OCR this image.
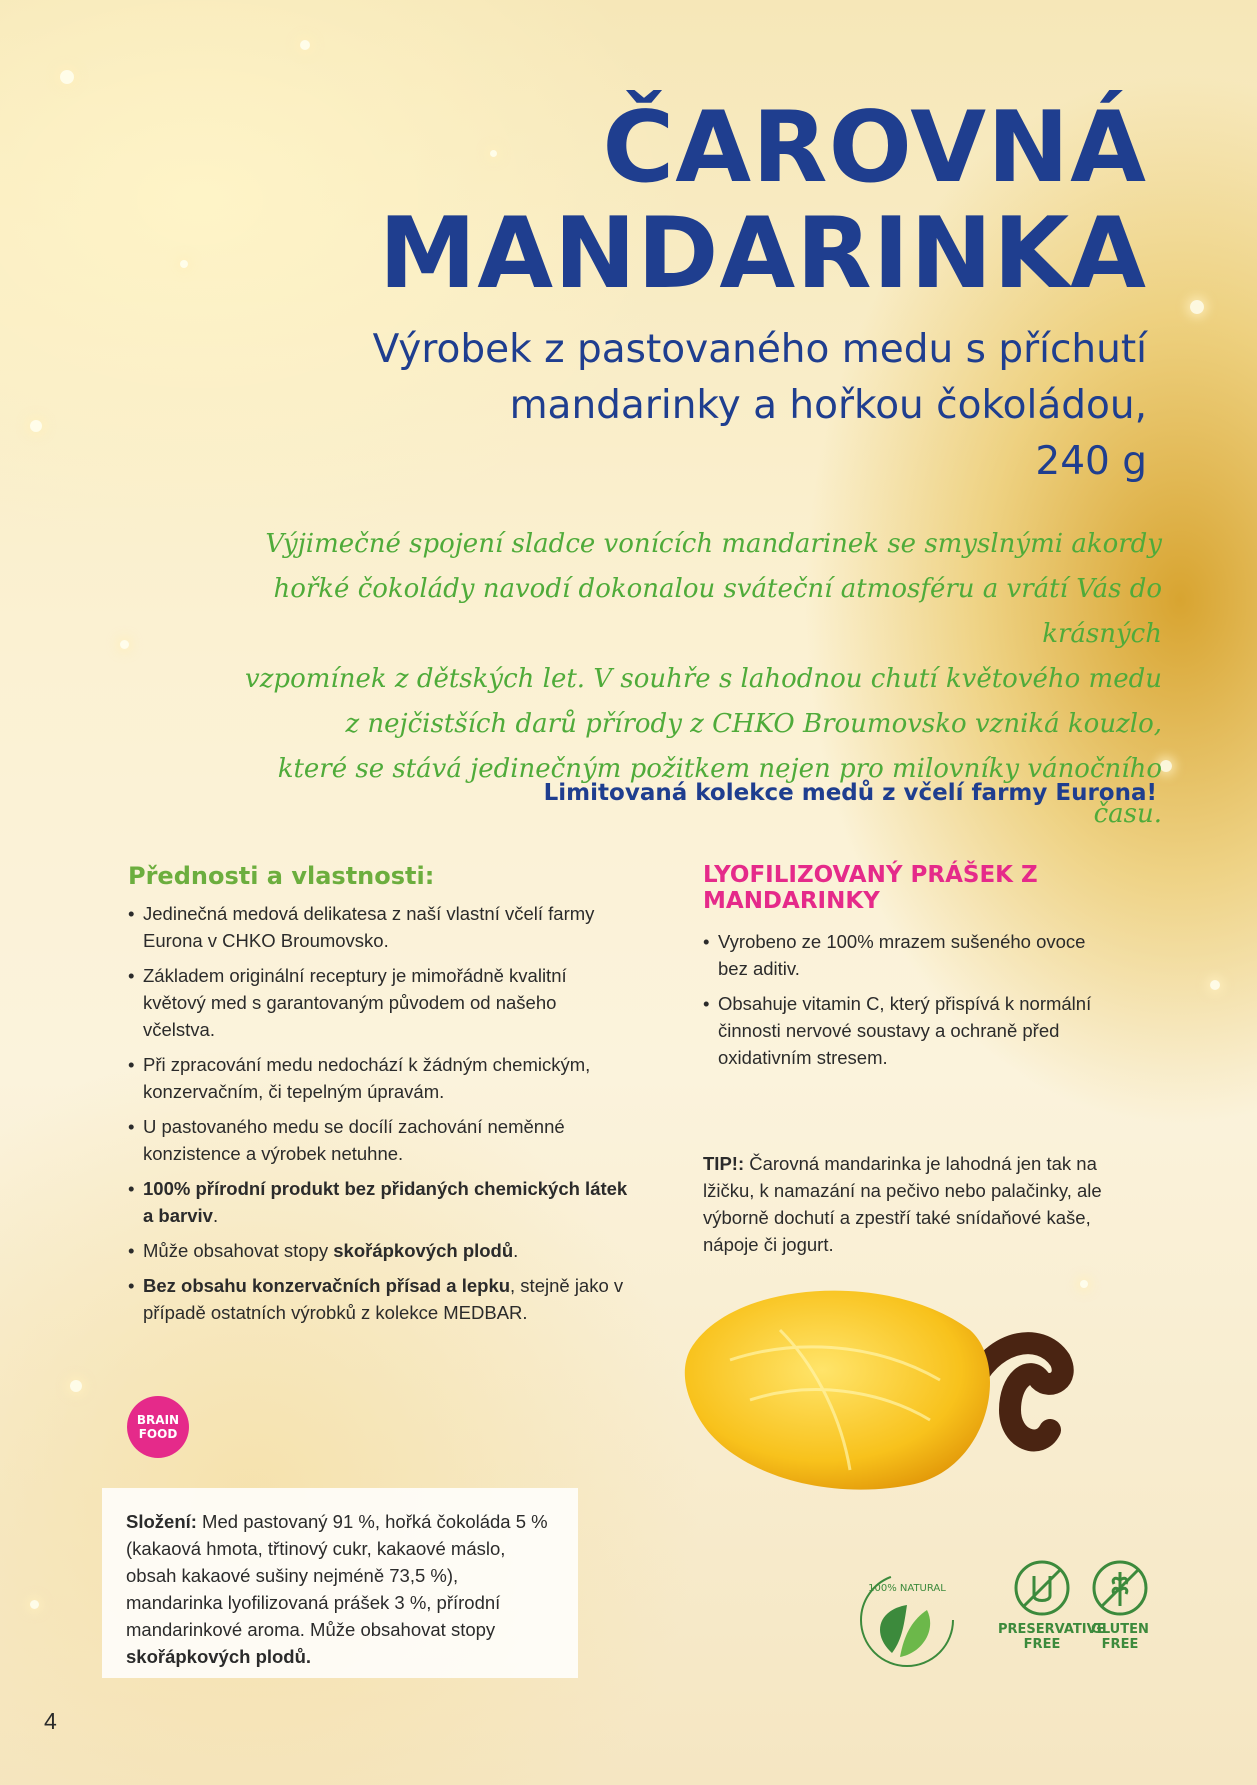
ČAROVNÁ
MANDARINKA
Výrobek z pastovaného medu s příchutí
mandarinky a hořkou čokoládou,
240 g
Výjimečné spojení sladce vonících mandarinek se smyslnými akordy
hořké čokolády navodí dokonalou sváteční atmosféru a vrátí Vás do krásných
vzpomínek z dětských let. V souhře s lahodnou chutí květového medu
z nejčistších darů přírody z CHKO Broumovsko vzniká kouzlo,
které se stává jedinečným požitkem nejen pro milovníky vánočního času.
Limitovaná kolekce medů z včelí farmy Eurona!
Přednosti a vlastnosti:
• Jedinečná medová delikatesa z naší vlastní včelí farmy Eurona v CHKO Broumovsko.
• Základem originální receptury je mimořádně kvalitní květový med s garantovaným původem od našeho včelstva.
• Při zpracování medu nedochází k žádným chemickým, konzervačním, či tepelným úpravám.
• U pastovaného medu se docílí zachování neměnné konzistence a výrobek netuhne.
• 100% přírodní produkt bez přidaných chemických látek a barviv.
• Může obsahovat stopy skořápkových plodů.
• Bez obsahu konzervačních přísad a lepku, stejně jako v případě ostatních výrobků z kolekce MEDBAR.
LYOFILIZOVANÝ PRÁŠEK Z MANDARINKY
• Vyrobeno ze 100% mrazem sušeného ovoce bez aditiv.
• Obsahuje vitamin C, který přispívá k normální činnosti nervové soustavy a ochraně před oxidativním stresem.
TIP!: Čarovná mandarinka je lahodná jen tak na lžičku, k namazání na pečivo nebo palačinky, ale výborně dochutí a zpestří také snídaňové kaše, nápoje či jogurt.
BRAIN
FOOD
Složení: Med pastovaný 91 %, hořká čokoláda 5 % (kakaová hmota, třtinový cukr, kakaové máslo, obsah kakaové sušiny nejméně 73,5 %), mandarinka lyofilizovaná prášek 3 %, přírodní mandarinkové aroma. Může obsahovat stopy skořápkových plodů.
100% NATURAL
PRESERVATIVE
FREE
GLUTEN
FREE
4
